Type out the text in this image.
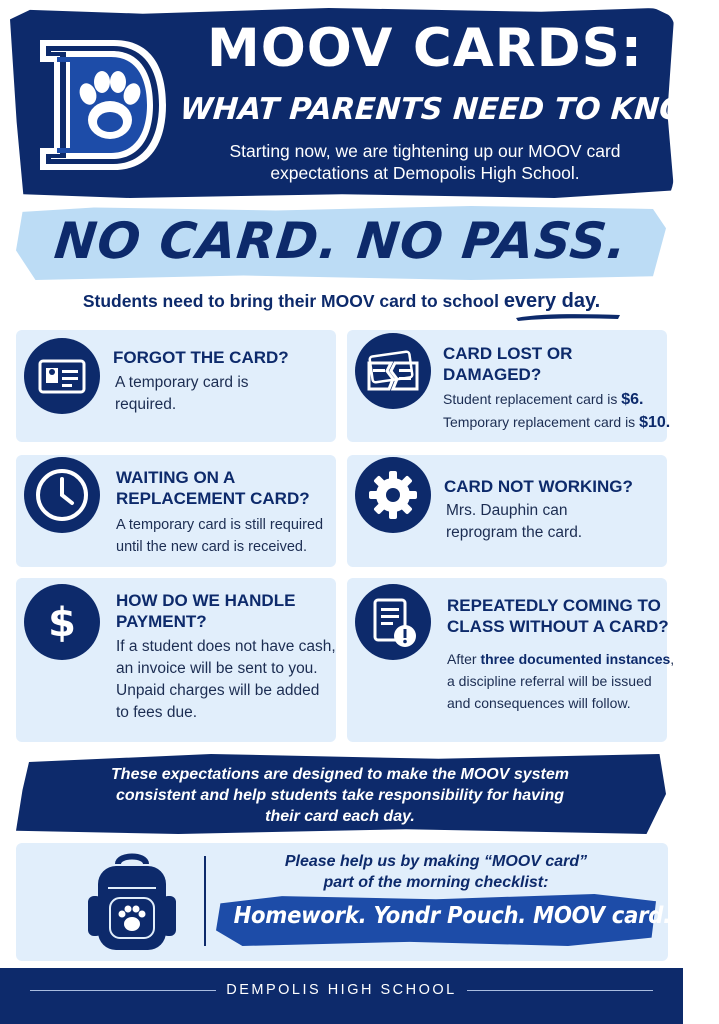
MOOV CARDS:
WHAT PARENTS NEED TO KNOW
Starting now, we are tightening up our MOOV card
expectations at Demopolis High School.
NO CARD. NO PASS.
Students need to bring their MOOV card to school every day.
FORGOT THE CARD?
A temporary card is
required.
CARD LOST OR
DAMAGED?
Student replacement card is $6.
Temporary replacement card is $10.
WAITING ON A
REPLACEMENT CARD?
A temporary card is still required
until the new card is received.
CARD NOT WORKING?
Mrs. Dauphin can
reprogram the card.
$ HOW DO WE HANDLE
PAYMENT?
If a student does not have cash,
an invoice will be sent to you.
Unpaid charges will be added
to fees due.
REPEATEDLY COMING TO
CLASS WITHOUT A CARD?
After three documented instances,
a discipline referral will be issued
and consequences will follow.
These expectations are designed to make the MOOV system
consistent and help students take responsibility for having
their card each day.
Please help us by making “MOOV card”
part of the morning checklist:
Homework. Yondr Pouch. MOOV card.
DEMPOLIS HIGH SCHOOL
